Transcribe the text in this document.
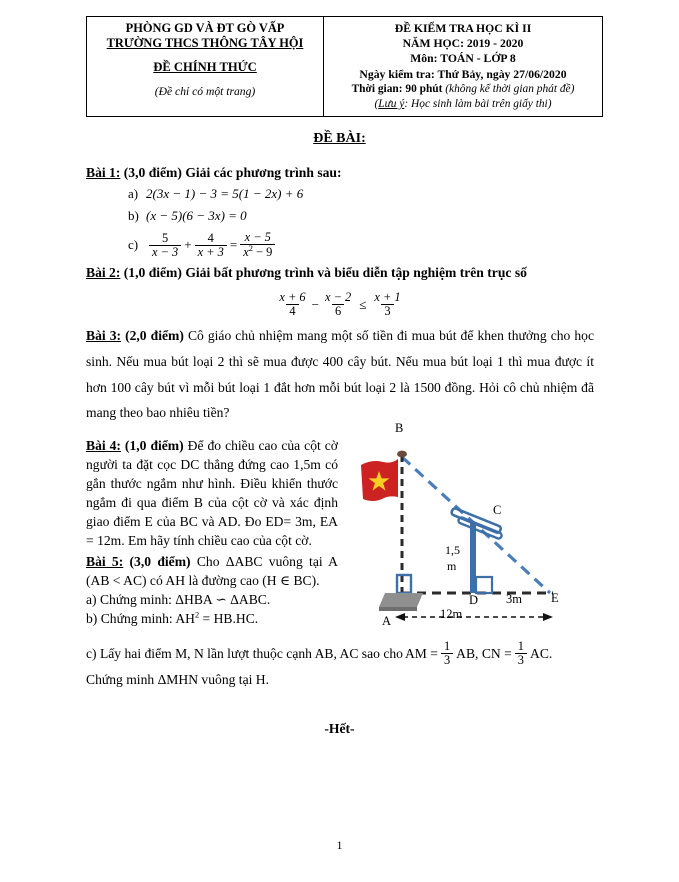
PHÒNG GD VÀ ĐT GÒ VẤP
TRƯỜNG THCS THÔNG TÂY HỘI
ĐỀ CHÍNH THỨC
(Đề chỉ có một trang)

ĐỀ KIỂM TRA HỌC KÌ II
NĂM HỌC: 2019 - 2020
Môn: TOÁN - LỚP 8
Ngày kiểm tra: Thứ Bảy, ngày 27/06/2020
Thời gian: 90 phút (không kể thời gian phát đề)
(Lưu ý: Học sinh làm bài trên giấy thi)
ĐỀ BÀI:
Bài 1: (3,0 điểm) Giải các phương trình sau:
a) 2(3x − 1) − 3 = 5(1 − 2x) + 6
b) (x − 5)(6 − 3x) = 0
$c) \frac{5}{x - 3} + \frac{4}{x + 3} = \frac{x - 5}{x^2 - 9}$
Bài 2: (1,0 điểm) Giải bất phương trình và biểu diễn tập nghiệm trên trục số
$\frac{x + 6}{4} - \frac{x - 2}{6} \le \frac{x + 1}{3}$
Bài 3: (2,0 điểm) Cô giáo chủ nhiệm mang một số tiền đi mua bút để khen thưởng cho học sinh. Nếu mua bút loại 2 thì sẽ mua được 400 cây bút. Nếu mua bút loại 1 thì mua được ít hơn 100 cây bút vì mỗi bút loại 1 đắt hơn mỗi bút loại 2 là 1500 đồng. Hỏi cô chủ nhiệm đã mang theo bao nhiêu tiền?
Bài 4: (1,0 điểm) Để đo chiều cao của cột cờ người ta đặt cọc DC thẳng đứng cao 1,5m có gắn thước ngắm như hình. Điều khiển thước ngắm đi qua điểm B của cột cờ và xác định giao điểm E của BC và AD. Đo ED= 3m, EA = 12m. Em hãy tính chiều cao của cột cờ.
Bài 5: (3,0 điểm) Cho ΔABC vuông tại A (AB < AC) có AH là đường cao (H ∈ BC).
a) Chứng minh: ΔHBA ∽ ΔABC.
b) Chứng minh: $AH^2 = HB.HC$.
c) Lấy hai điểm M, N lần lượt thuộc cạnh AB, AC sao cho AM = $\frac{1}{3}$ AB, CN = $\frac{1}{3}$ AC.
Chứng minh ΔMHN vuông tại H.
B
C
A
D	E
1,5
m
12m
3m
-Hết-
1
